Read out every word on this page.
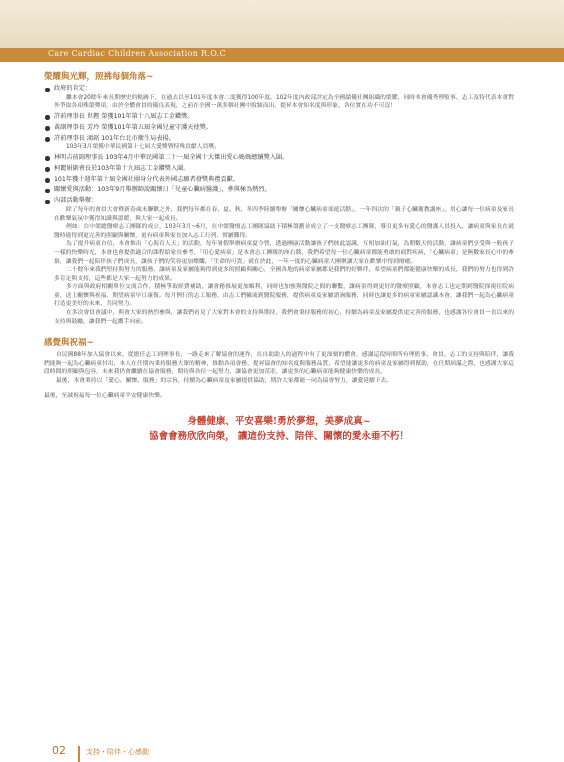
Care Cardiac Children Association R.O.C
榮耀與光輝，照拂每個角落~
政府的肯定：

繼本會20餘年來長期歷史的軌跡下，在過去以至101年度本會二度獲得100年度、102年度內政部評定為全國績優社團組織的榮耀，同時本會優秀理監事、志工及特代表本會對外爭取各項殊榮獎項，由於全體會員的優良表現，之前在全國一萬多個社團中脫穎而出，提昇本會知名度與形象，各位實在功不可沒！

許前理事長 世鏗 榮獲101年第十八屆志工金鑽獎。
黃副理事長 芳玲 榮獲101年第五屆全國兒童守護天使獎。
許前理事長 鴻銘 101年台北市衛生局表揚。

103年3月榮獲中華民國第十七屆大愛獎暨特殊貢獻人員獎。

林明吉前副理事長 103年4月中華民國第二十一屆全國十大傑出愛心媽媽總續獎入圍。
柯麗娟副會長於103年第十九屆志工金鑽獎入圍。
101年獲十週年第十屆全國社團身分代表外國志願者發獎典禮貢獻。
關懷愛與活動：103年9月舉辦師說關懷日「兒童心臟病醫護」，參與極為熱烈。
內部活動舉辦：

除了每年的會員大會暨新春歲末聯歡之外，我們每年都在春、夏、秋、冬四季陸續舉辦「關懷心臟病童郊遊活動」，一年四次的「親子心臟衛教講座」，用心讓每一位病童及家長在歡樂氣氛中獲得知識與溫暖，與大家一起成長。

例如：台中榮總醫療志工團隊的成立，103年3月~6月，在中榮醫療志工團隊協助下積極籌劃並成立了一支醫療志工團隊，導引更多有愛心的醫護人員投入，讓病童與家長在就醫時能得到更完善的照顧與關懷，更有病童與家長加入志工行列，實屬難得。

為了提升病童自信，本會推出「心海育人天」的活動，每年暑假舉辦病童夏令營，透過團康活動讓孩子們彼此認識，互相加油打氣，為期數天的活動，讓病童們享受與一般孩子一樣的快樂時光，本會也會提供適合的課程給家長參考，「用心愛病童」是本會志工團隊的座右銘，我們希望每一位心臟病童都能勇敢的面對疾病，「心臟病童」是無數家長心中的牽掛，讓我們一起陪伴孩子們成長，讓孩子們的笑容更加燦爛，「生命的可貴」就在於此，一年一度的心臟病童大團聚讓大家在歡樂中得到療癒。

二十餘年來我們堅持與努力的服務，讓病童及家屬能夠得到更多的照顧與關心，全國各地的病童家屬都是我們的好夥伴，希望病童們都能健康快樂的成長，我們的努力也得到許多肯定與支持，這些都是大家一起努力的成果。

多方面與政府相關單位交流合作，積極爭取經費補助，讓會務推展更加順利，同時也加強與醫院之間的聯繫，讓病童得到更好的醫療照顧，本會志工也定期到醫院探視住院病童，送上關懷與祝福，期望病童早日康復。每月例行的志工服務，由志工們輪流到醫院服務，提供病童及家屬諮詢服務，同時也讓更多的病童家屬認識本會，讓我們一起為心臟病童打造更美好的未來，共同努力。

在多次會員會議中，與會大家的熱烈參與，讓我們看見了大家對本會的支持與期待，我們會秉持服務的初心，持續為病童及家屬提供更完善的服務，也感謝各位會員一直以來的支持與鼓勵，讓我們一起攜手向前。

感覺與祝福~

自民國88年加入協會以來，從擔任志工到理事長，一路走來了解協會的運作，在自助助人的過程中有了更深刻的體會，感謝這段時間所有理監事、會員、志工的支持與陪伴，讓我們能夠一起為心臟病童付出，本人在任期內秉持服務大眾的精神，推動各項會務，提昇協會的知名度與服務品質，希望能讓更多的病童及家屬得到幫助，在任期屆滿之際，也感謝大家這段時間的照顧與包容，未來我仍會繼續在協會服務，期待與各位一起努力，讓協會更加茁壯，讓更多的心臟病童能夠健康快樂的成長。

最後，本會秉持以「愛心、關懷、服務」的宗旨，持續為心臟病童及家屬提供協助，期許大家都能一同為協會努力，讓愛延續下去。

最後，至誠祝福每一位心臟病童平安健康快樂。

身體健康、平安喜樂!勇於夢想，美夢成真~
協會會務欣欣向榮， 讓這份支持、陪伴、關懷的愛永垂不朽！
02	支持・陪伴・心感動
